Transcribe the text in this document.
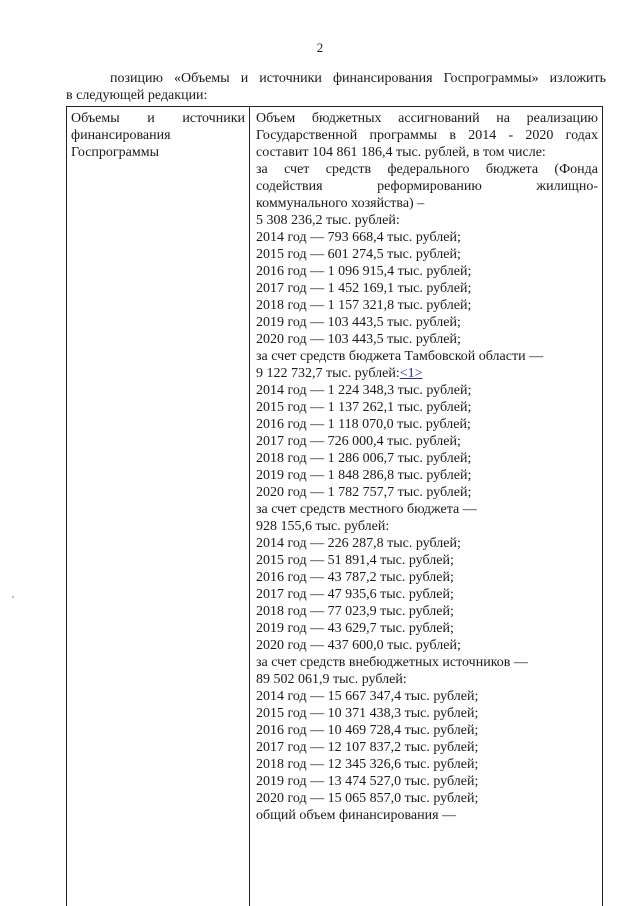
2
позицию «Объемы и источники финансирования Госпрограммы» изложить
в следующей редакции:
Объемы и источники
финансирования
Госпрограммы
Объем бюджетных ассигнований на реализацию
Государственной программы в 2014 - 2020 годах
составит 104 861 186,4 тыс. рублей, в том числе:
за счет средств федерального бюджета (Фонда
содействия реформированию жилищно-
коммунального хозяйства) –
5 308 236,2 тыс. рублей:
2014 год — 793 668,4 тыс. рублей;
2015 год — 601 274,5 тыс. рублей;
2016 год — 1 096 915,4 тыс. рублей;
2017 год — 1 452 169,1 тыс. рублей;
2018 год — 1 157 321,8 тыс. рублей;
2019 год — 103 443,5 тыс. рублей;
2020 год — 103 443,5 тыс. рублей;
за счет средств бюджета Тамбовской области —
9 122 732,7 тыс. рублей:<1>
2014 год — 1 224 348,3 тыс. рублей;
2015 год — 1 137 262,1 тыс. рублей;
2016 год — 1 118 070,0 тыс. рублей;
2017 год — 726 000,4 тыс. рублей;
2018 год — 1 286 006,7 тыс. рублей;
2019 год — 1 848 286,8 тыс. рублей;
2020 год — 1 782 757,7 тыс. рублей;
за счет средств местного бюджета —
928 155,6 тыс. рублей:
2014 год — 226 287,8 тыс. рублей;
2015 год — 51 891,4 тыс. рублей;
2016 год — 43 787,2 тыс. рублей;
2017 год — 47 935,6 тыс. рублей;
2018 год — 77 023,9 тыс. рублей;
2019 год — 43 629,7 тыс. рублей;
2020 год — 437 600,0 тыс. рублей;
за счет средств внебюджетных источников —
89 502 061,9 тыс. рублей:
2014 год — 15 667 347,4 тыс. рублей;
2015 год — 10 371 438,3 тыс. рублей;
2016 год — 10 469 728,4 тыс. рублей;
2017 год — 12 107 837,2 тыс. рублей;
2018 год — 12 345 326,6 тыс. рублей;
2019 год — 13 474 527,0 тыс. рублей;
2020 год — 15 065 857,0 тыс. рублей;
общий объем финансирования —
